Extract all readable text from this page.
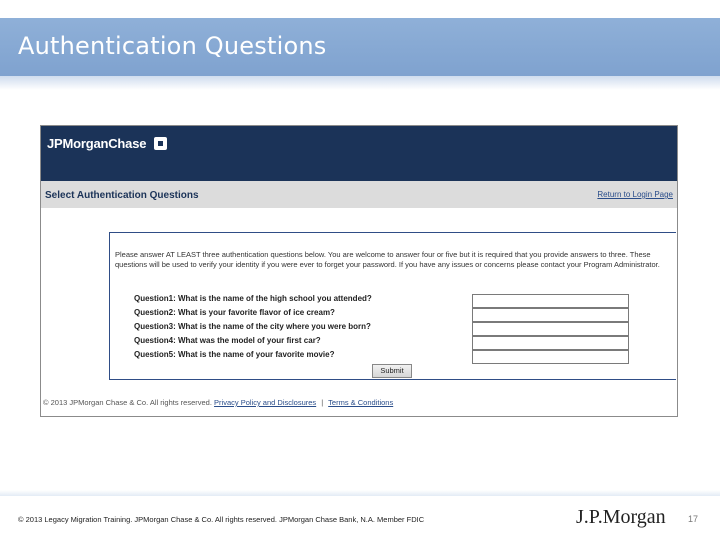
Authentication Questions
JPMorganChase
Select Authentication Questions	Return to Login Page
Please answer AT LEAST three authentication questions below. You are welcome to answer four or five but it is required that you provide answers to three. These questions will be used to verify your identity if you were ever to forget your password. If you have any issues or concerns please contact your Program Administrator.
Question1: What is the name of the high school you attended?
Question2: What is your favorite flavor of ice cream?
Question3: What is the name of the city where you were born?
Question4: What was the model of your first car?
Question5: What is the name of your favorite movie?
Submit
© 2013 JPMorgan Chase & Co. All rights reserved. Privacy Policy and Disclosures | Terms & Conditions
© 2013 Legacy Migration Training. JPMorgan Chase & Co. All rights reserved. JPMorgan Chase Bank, N.A. Member FDIC	J.P.Morgan 17
